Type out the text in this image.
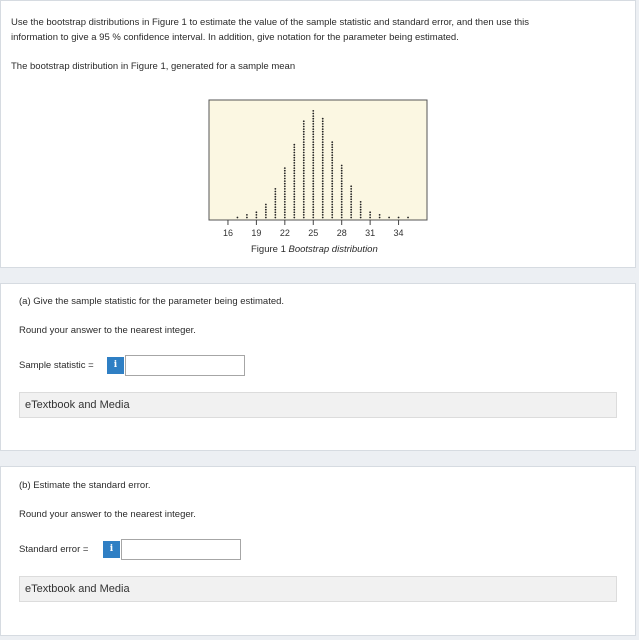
Use the bootstrap distributions in Figure 1 to estimate the value of the sample statistic and standard error, and then use this
information to give a 95 % confidence interval. In addition, give notation for the parameter being estimated.
The bootstrap distribution in Figure 1, generated for a sample mean
16 19 22 25 28 31 34
Figure 1 Bootstrap distribution
(a) Give the sample statistic for the parameter being estimated.
Round your answer to the nearest integer.
Sample statistic =	i
eTextbook and Media
(b) Estimate the standard error.
Round your answer to the nearest integer.
Standard error =	i
eTextbook and Media
